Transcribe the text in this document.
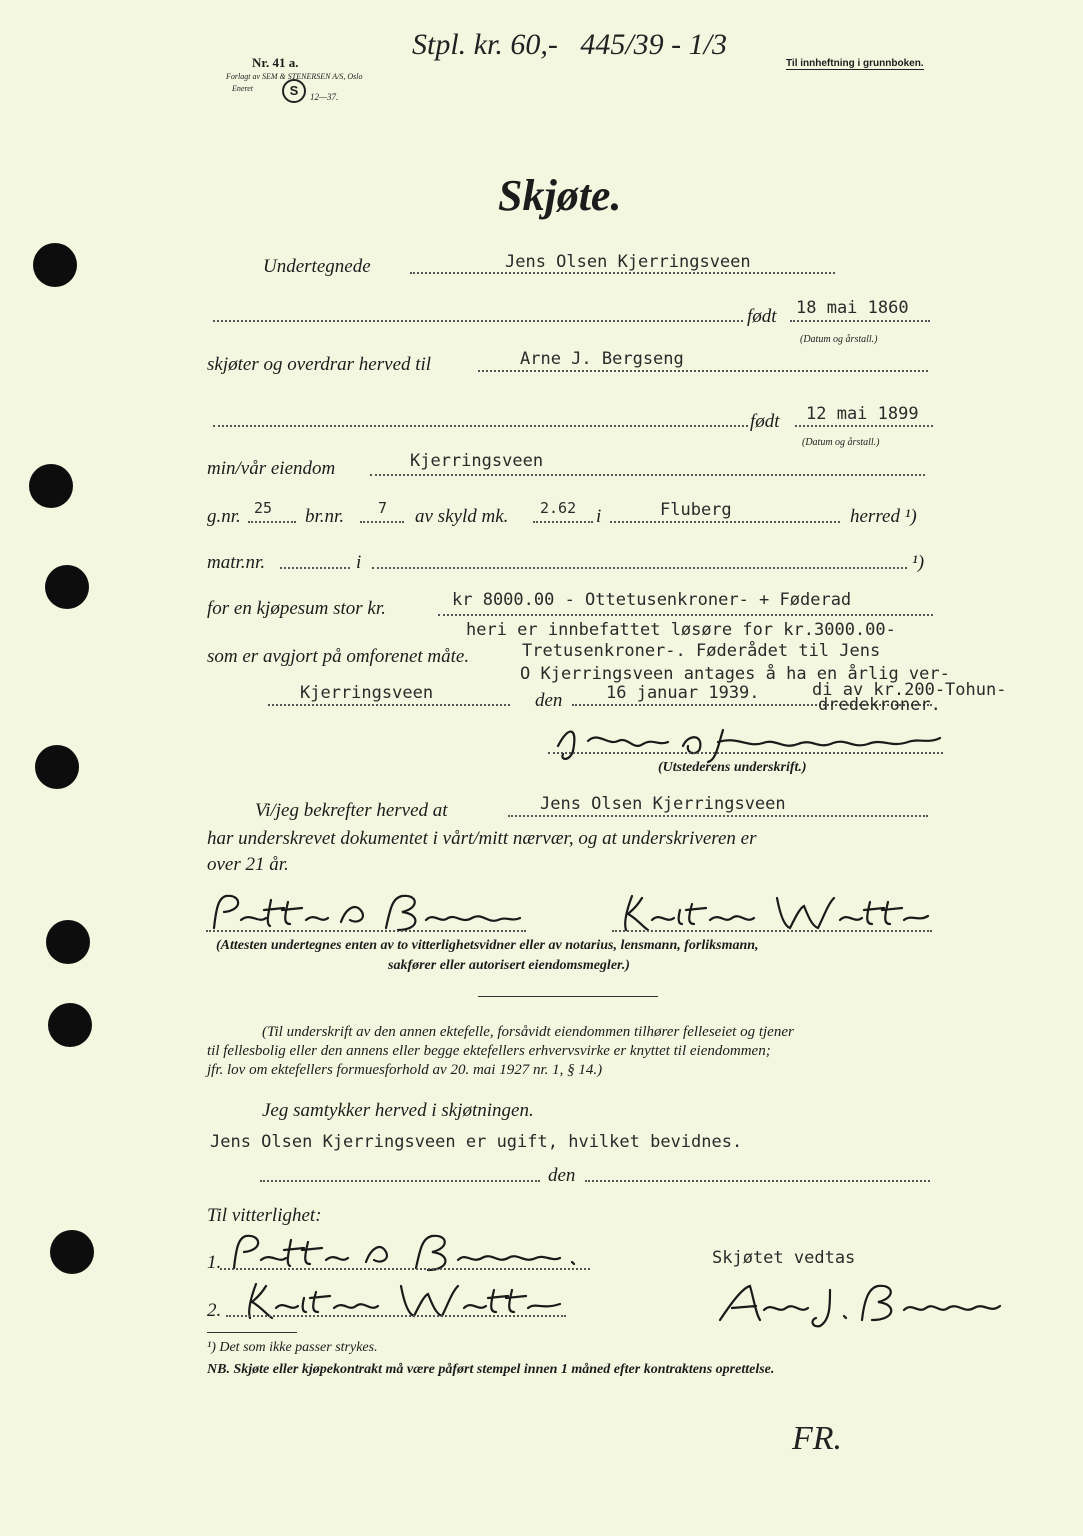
Nr. 41 a.
Forlagt av SEM & STENERSEN A/S, Oslo
Eneret	S	12—37.
Stpl. kr. 60,-   445/39 - 1/3
Til innheftning i grunnboken.
Skjøte.
Undertegnede	Jens Olsen Kjerringsveen
født 18 mai 1860
(Datum og årstall.)
skjøter og overdrar herved til	Arne J. Bergseng
født 12 mai 1899
(Datum og årstall.)
min/vår eiendom	Kjerringsveen
g.nr. 25 br.nr. 7 av skyld mk. 2.62 i	Fluberg	herred ¹)
matr.nr.	i	¹)
for en kjøpesum stor kr.	kr 8000.00 - Ottetusenkroner- + Føderad
heri er innbefattet løsøre for kr.3000.00-
Tretusenkroner-. Føderådet til Jens
som er avgjort på omforenet måte.
O Kjerringsveen antages å ha en årlig ver-
Kjerringsveen	den	16 januar 1939.	di av kr.200-Tohun-
dredekroner.
(Utstederens underskrift.)
Vi/jeg bekrefter herved at	Jens Olsen Kjerringsveen
har underskrevet dokumentet i vårt/mitt nærvær, og at underskriveren er
over 21 år.
(Attesten undertegnes enten av to vitterlighetsvidner eller av notarius, lensmann, forliksmann,
sakfører eller autorisert eiendomsmegler.)
(Til underskrift av den annen ektefelle, forsåvidt eiendommen tilhører felleseiet og tjener
til fellesbolig eller den annens eller begge ektefellers erhvervsvirke er knyttet til eiendommen;
jfr. lov om ektefellers formuesforhold av 20. mai 1927 nr. 1, § 14.)
Jeg samtykker herved i skjøtningen.
Jens Olsen Kjerringsveen er ugift, hvilket bevidnes.
den
Til vitterlighet:
1.	Skjøtet vedtas
2.
¹) Det som ikke passer strykes.
NB. Skjøte eller kjøpekontrakt må være påført stempel innen 1 måned efter kontraktens oprettelse.
FR.
